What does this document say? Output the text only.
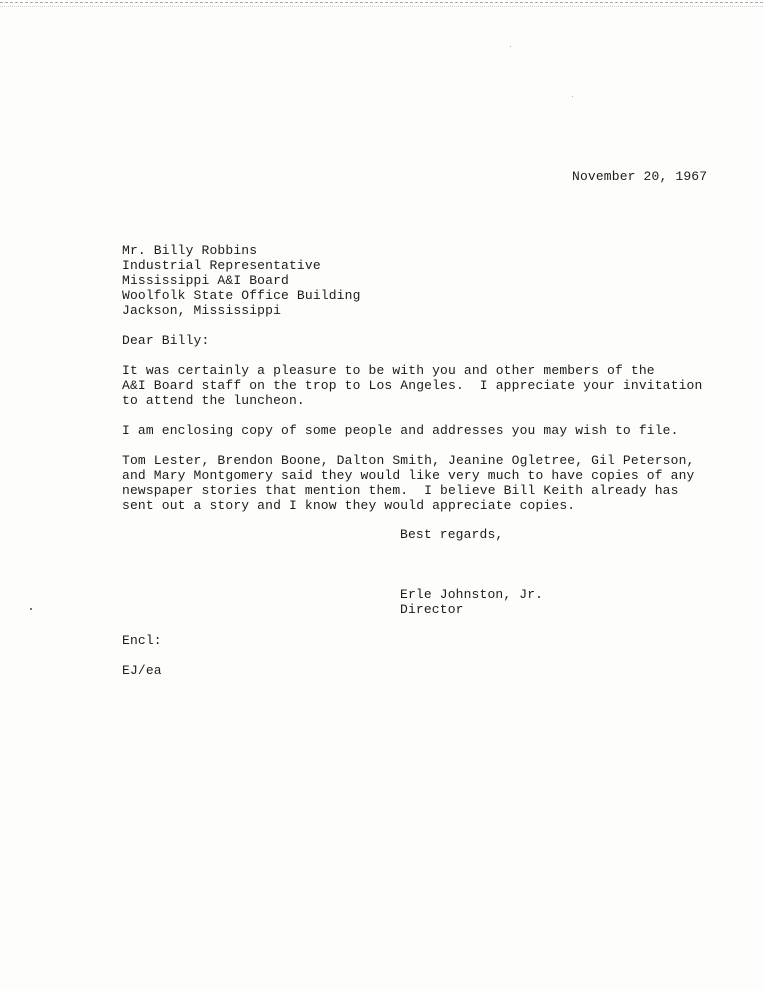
November 20, 1967
Mr. Billy Robbins
Industrial Representative
Mississippi A&I Board
Woolfolk State Office Building
Jackson, Mississippi
Dear Billy:
It was certainly a pleasure to be with you and other members of the
A&I Board staff on the trop to Los Angeles.  I appreciate your invitation
to attend the luncheon.
I am enclosing copy of some people and addresses you may wish to file.
Tom Lester, Brendon Boone, Dalton Smith, Jeanine Ogletree, Gil Peterson,
and Mary Montgomery said they would like very much to have copies of any
newspaper stories that mention them.  I believe Bill Keith already has
sent out a story and I know they would appreciate copies.
Best regards,
Erle Johnston, Jr.
Director
Encl:
EJ/ea
